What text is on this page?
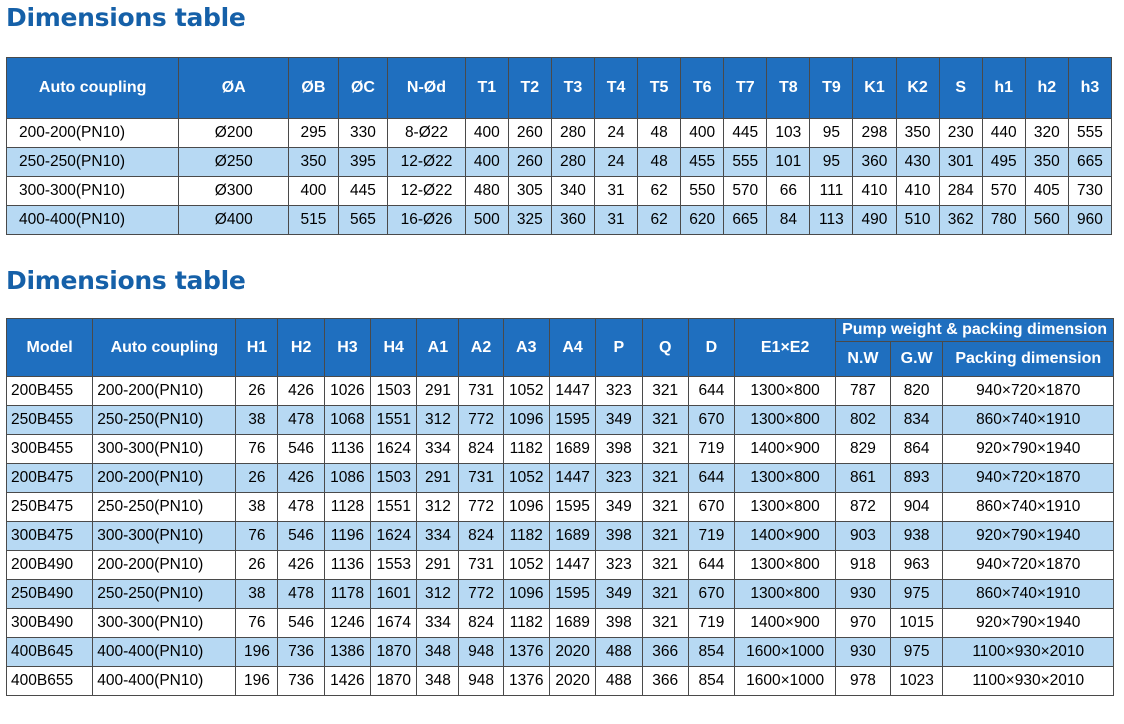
Dimensions table
Auto coupling	ØA	ØB	ØC	N-Ød	T1	T2	T3	T4	T5	T6	T7	T8	T9	K1	K2	S	h1	h2	h3
200-200(PN10)	Ø200	295	330	8-Ø22	400	260	280	24	48	400	445	103	95	298	350	230	440	320	555
250-250(PN10)	Ø250	350	395	12-Ø22	400	260	280	24	48	455	555	101	95	360	430	301	495	350	665
300-300(PN10)	Ø300	400	445	12-Ø22	480	305	340	31	62	550	570	66	111	410	410	284	570	405	730
400-400(PN10)	Ø400	515	565	16-Ø26	500	325	360	31	62	620	665	84	113	490	510	362	780	560	960
Dimensions table
Model	Auto coupling	H1	H2	H3	H4	A1	A2	A3	A4	P	Q	D	E1×E2	Pump weight & packing dimension		
														N.W	G.W	Packing dimension
200B455	200-200(PN10)	26	426	1026	1503	291	731	1052	1447	323	321	644	1300×800	787	820	940×720×1870
250B455	250-250(PN10)	38	478	1068	1551	312	772	1096	1595	349	321	670	1300×800	802	834	860×740×1910
300B455	300-300(PN10)	76	546	1136	1624	334	824	1182	1689	398	321	719	1400×900	829	864	920×790×1940
200B475	200-200(PN10)	26	426	1086	1503	291	731	1052	1447	323	321	644	1300×800	861	893	940×720×1870
250B475	250-250(PN10)	38	478	1128	1551	312	772	1096	1595	349	321	670	1300×800	872	904	860×740×1910
300B475	300-300(PN10)	76	546	1196	1624	334	824	1182	1689	398	321	719	1400×900	903	938	920×790×1940
200B490	200-200(PN10)	26	426	1136	1553	291	731	1052	1447	323	321	644	1300×800	918	963	940×720×1870
250B490	250-250(PN10)	38	478	1178	1601	312	772	1096	1595	349	321	670	1300×800	930	975	860×740×1910
300B490	300-300(PN10)	76	546	1246	1674	334	824	1182	1689	398	321	719	1400×900	970	1015	920×790×1940
400B645	400-400(PN10)	196	736	1386	1870	348	948	1376	2020	488	366	854	1600×1000	930	975	1100×930×2010
400B655	400-400(PN10)	196	736	1426	1870	348	948	1376	2020	488	366	854	1600×1000	978	1023	1100×930×2010
